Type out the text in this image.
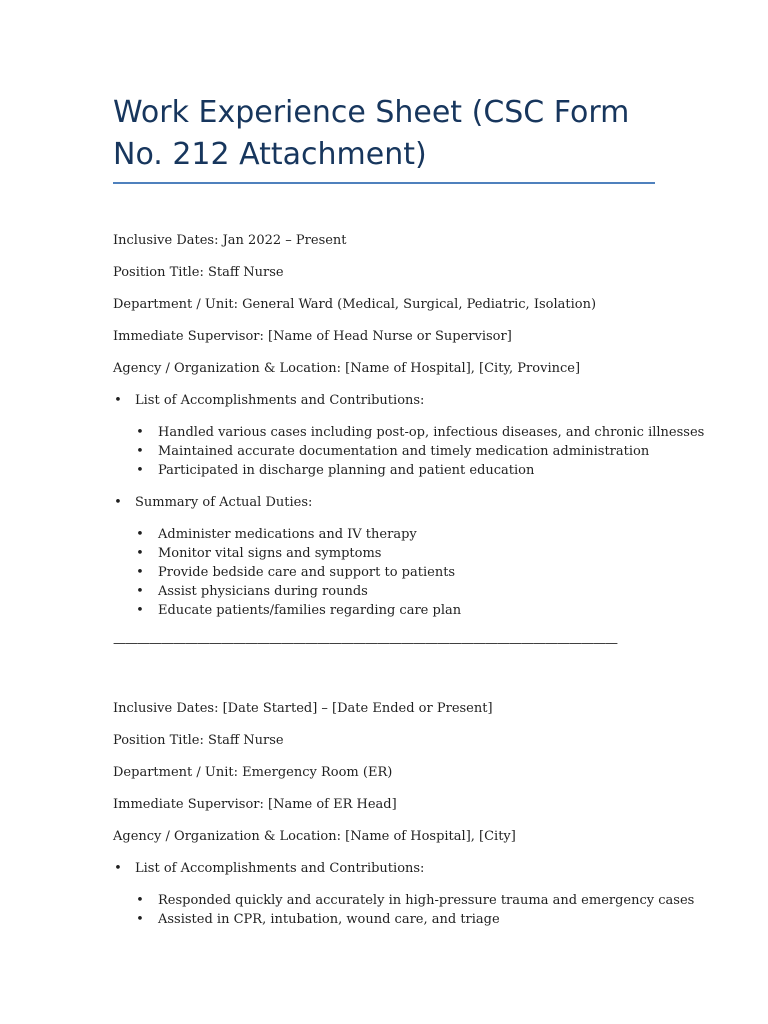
Work Experience Sheet (CSC Form No. 212 Attachment)
Inclusive Dates: Jan 2022 – Present
Position Title: Staff Nurse
Department / Unit: General Ward (Medical, Surgical, Pediatric, Isolation)
Immediate Supervisor: [Name of Head Nurse or Supervisor]
Agency / Organization & Location: [Name of Hospital], [City, Province]
• List of Accomplishments and Contributions:
• Handled various cases including post-op, infectious diseases, and chronic illnesses
• Maintained accurate documentation and timely medication administration
• Participated in discharge planning and patient education
• Summary of Actual Duties:
• Administer medications and IV therapy
• Monitor vital signs and symptoms
• Provide bedside care and support to patients
• Assist physicians during rounds
• Educate patients/families regarding care plan
——————————————————————————————————————————
Inclusive Dates: [Date Started] – [Date Ended or Present]
Position Title: Staff Nurse
Department / Unit: Emergency Room (ER)
Immediate Supervisor: [Name of ER Head]
Agency / Organization & Location: [Name of Hospital], [City]
• List of Accomplishments and Contributions:
• Responded quickly and accurately in high-pressure trauma and emergency cases
• Assisted in CPR, intubation, wound care, and triage
